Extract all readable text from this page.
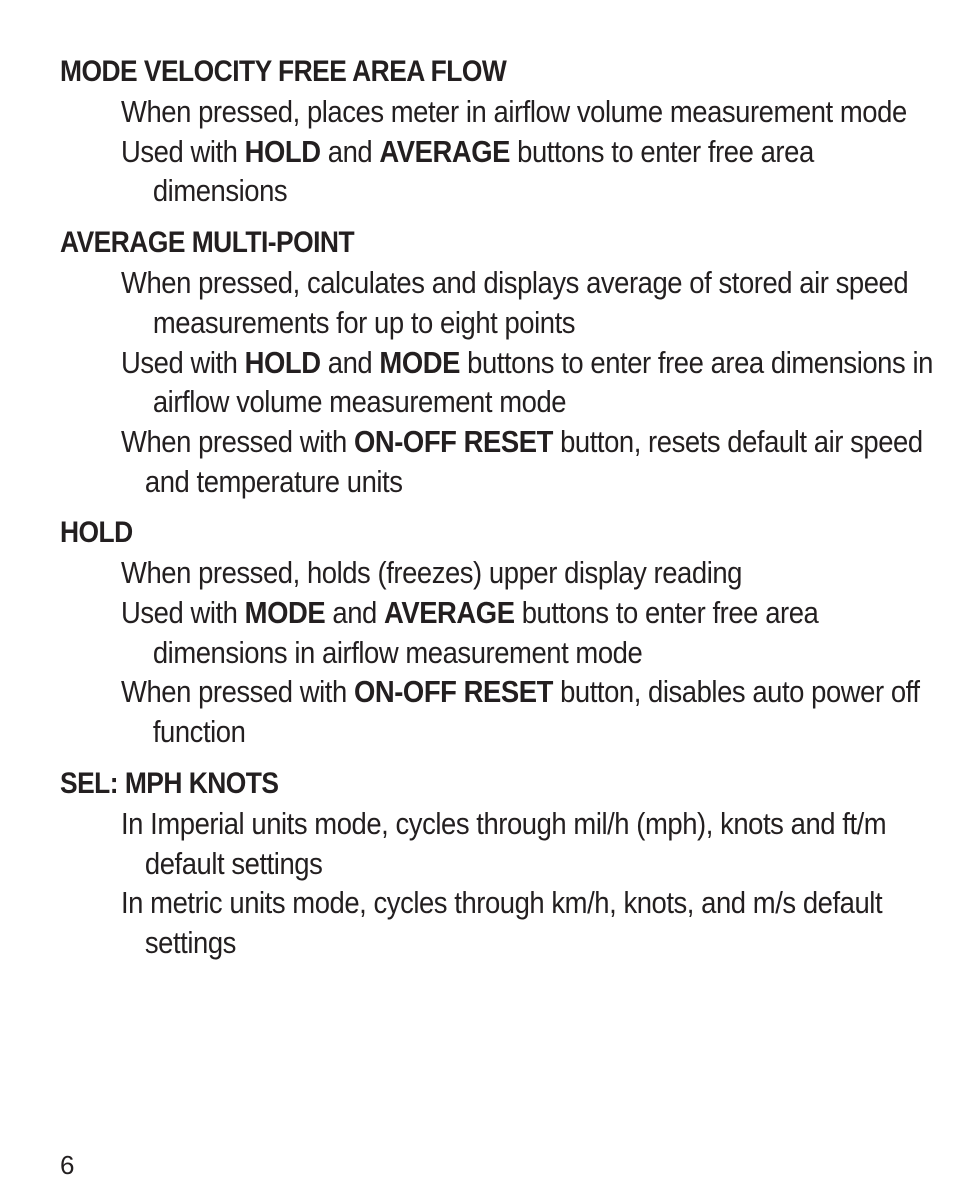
MODE VELOCITY FREE AREA FLOW
When pressed, places meter in airflow volume measurement mode
Used with HOLD and AVERAGE buttons to enter free area dimensions
AVERAGE MULTI-POINT
When pressed, calculates and displays average of stored air speed measurements for up to eight points
Used with HOLD and MODE buttons to enter free area dimensions in airflow volume measurement mode
When pressed with ON-OFF RESET button, resets default air speed and temperature units
HOLD
When pressed, holds (freezes) upper display reading
Used with MODE and AVERAGE buttons to enter free area dimensions in airflow measurement mode
When pressed with ON-OFF RESET button, disables auto power off function
SEL: MPH KNOTS
In Imperial units mode, cycles through mil/h (mph), knots and ft/m default settings
In metric units mode, cycles through km/h, knots, and m/s default settings
6
